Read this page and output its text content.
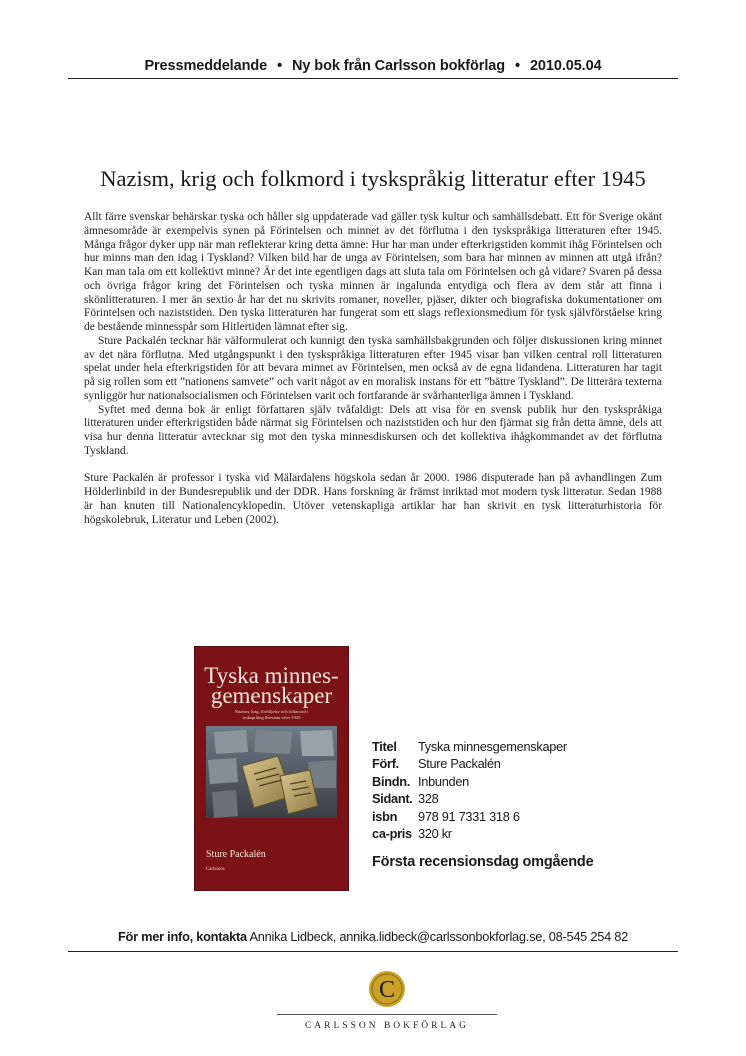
Pressmeddelande • Ny bok från Carlsson bokförlag • 2010.05.04
Nazism, krig och folkmord i tyskspråkig litteratur efter 1945

Allt färre svenskar behärskar tyska och håller sig uppdaterade vad gäller tysk kultur och samhällsdebatt. Ett för Sverige okänt ämnesområde är exempelvis synen på Förintelsen och minnet av det förflutna i den tyskspråkiga litteraturen efter 1945. Många frågor dyker upp när man reflekterar kring detta ämne: Hur har man under efterkrigstiden kommit ihåg Förintelsen och hur minns man den idag i Tyskland? Vilken bild har de unga av Förintelsen, som bara har minnen av minnen att utgå ifrån? Kan man tala om ett kollektivt minne? Är det inte egentligen dags att sluta tala om Förintelsen och gå vidare? Svaren på dessa och övriga frågor kring det Förintelsen och tyska minnen är ingalunda entydiga och flera av dem står att finna i skönlitteraturen. I mer än sextio år har det nu skrivits romaner, noveller, pjäser, dikter och biografiska dokumentationer om Förintelsen och naziststiden. Den tyska litteraturen har fungerat som ett slags reflexionsmedium för tysk självförståelse kring de bestående minnesspår som Hitlertiden lämnat efter sig.

Sture Packalén tecknar här välformulerat och kunnigt den tyska samhällsbakgrunden och följer diskussionen kring minnet av det nära förflutna. Med utgångspunkt i den tyskspråkiga litteraturen efter 1945 visar han vilken central roll litteraturen spelat under hela efterkrigstiden för att bevara minnet av Förintelsen, men också av de egna lidandena. Litteraturen har tagit på sig rollen som ett ”nationens samvete” och varit något av en moralisk instans för ett ”bättre Tyskland”. De litterära texterna synliggör hur nationalsocialismen och Förintelsen varit och fortfarande är svårhanterliga ämnen i Tyskland.

Syftet med denna bok är enligt författaren själv tvåfaldigt: Dels att visa för en svensk publik hur den tyskspråkiga litteraturen under efterkrigstiden både närmat sig Förintelsen och naziststiden och hur den fjärmat sig från detta ämne, dels att visa hur denna litteratur avtecknar sig mot den tyska minnesdiskursen och det kollektiva ihågkommandet av det förflutna Tyskland.

Sture Packalén är professor i tyska vid Mälardalens högskola sedan år 2000. 1986 disputerade han på avhandlingen Zum Hölderlinbild in der Bundesrepublik und der DDR. Hans forskning är främst inriktad mot modern tysk litteratur. Sedan 1988 är han knuten till Nationalencyklopedin. Utöver vetenskapliga artiklar har han skrivit en tysk litteraturhistoria för högskolebruk, Literatur und Leben (2002).

Tyska minnes-
gemenskaper
Nazism, krig, förföljelse och folkmord i
tyskspråkig litteratur efter 1945
Sture Packalén
Carlssons
Titel Tyska minnesgemenskaper
Förf. Sture Packalén
Bindn. Inbunden
Sidant. 328
isbn 978 91 7331 318 6
ca-pris 320 kr
Första recensionsdag omgående
För mer info, kontakta Annika Lidbeck, annika.lidbeck@carlssonbokforlag.se, 08-545 254 82
C
CARLSSON BOKFÖRLAG
